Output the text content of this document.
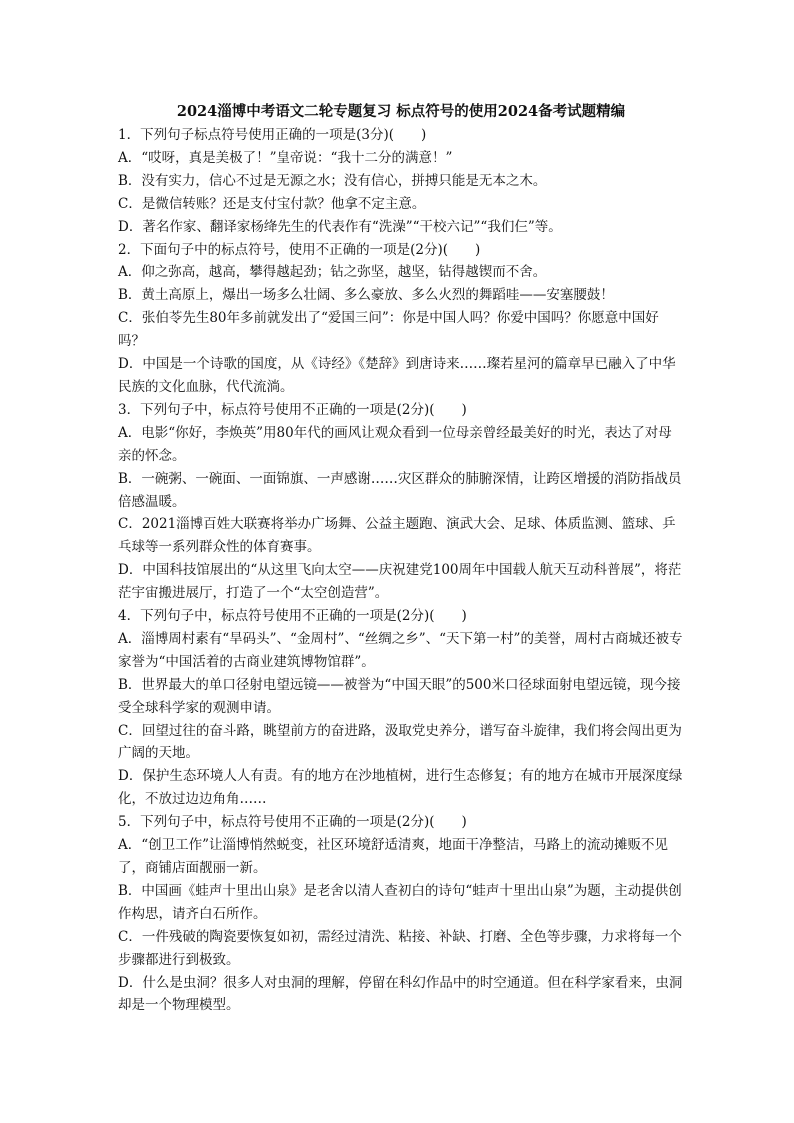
2024淄博中考语文二轮专题复习 标点符号的使用2024备考试题精编
1．下列句子标点符号使用正确的一项是(3分)(　　)
A．“哎呀，真是美极了！”皇帝说：“我十二分的满意！”
B．没有实力，信心不过是无源之水；没有信心，拼搏只能是无本之木。
C．是微信转账？还是支付宝付款？他拿不定主意。
D．著名作家、翻译家杨绛先生的代表作有“洗澡”“干校六记”“我们仨”等。
2．下面句子中的标点符号，使用不正确的一项是(2分)(　　)
A．仰之弥高，越高，攀得越起劲；钻之弥坚，越坚，钻得越锲而不舍。
B．黄土高原上，爆出一场多么壮阔、多么豪放、多么火烈的舞蹈哇——安塞腰鼓！
C．张伯苓先生80年多前就发出了“爱国三问”：你是中国人吗？你爱中国吗？你愿意中国好吗？
D．中国是一个诗歌的国度，从《诗经》《楚辞》到唐诗来……璨若星河的篇章早已融入了中华民族的文化血脉，代代流淌。
3．下列句子中，标点符号使用不正确的一项是(2分)(　　)
A．电影“你好，李焕英”用80年代的画风让观众看到一位母亲曾经最美好的时光，表达了对母亲的怀念。
B．一碗粥、一碗面、一面锦旗、一声感谢……灾区群众的肺腑深情，让跨区增援的消防指战员倍感温暖。
C．2021淄博百姓大联赛将举办广场舞、公益主题跑、演武大会、足球、体质监测、篮球、乒乓球等一系列群众性的体育赛事。
D．中国科技馆展出的“从这里飞向太空——庆祝建党100周年中国载人航天互动科普展”，将茫茫宇宙搬进展厅，打造了一个“太空创造营”。
4．下列句子中，标点符号使用不正确的一项是(2分)(　　)
A．淄博周村素有“旱码头”、“金周村”、“丝绸之乡”、“天下第一村”的美誉，周村古商城还被专家誉为“中国活着的古商业建筑博物馆群”。
B．世界最大的单口径射电望远镜——被誉为“中国天眼”的500米口径球面射电望远镜，现今接受全球科学家的观测申请。
C．回望过往的奋斗路，眺望前方的奋进路，汲取党史养分，谱写奋斗旋律，我们将会闯出更为广阔的天地。
D．保护生态环境人人有责。有的地方在沙地植树，进行生态修复；有的地方在城市开展深度绿化，不放过边边角角……
5．下列句子中，标点符号使用不正确的一项是(2分)(　　)
A．“创卫工作”让淄博悄然蜕变，社区环境舒适清爽，地面干净整洁，马路上的流动摊贩不见了，商铺店面靓丽一新。
B．中国画《蛙声十里出山泉》是老舍以清人查初白的诗句“蛙声十里出山泉”为题，主动提供创作构思，请齐白石所作。
C．一件残破的陶瓷要恢复如初，需经过清洗、粘接、补缺、打磨、全色等步骤，力求将每一个步骤都进行到极致。
D．什么是虫洞？很多人对虫洞的理解，停留在科幻作品中的时空通道。但在科学家看来，虫洞却是一个物理模型。
